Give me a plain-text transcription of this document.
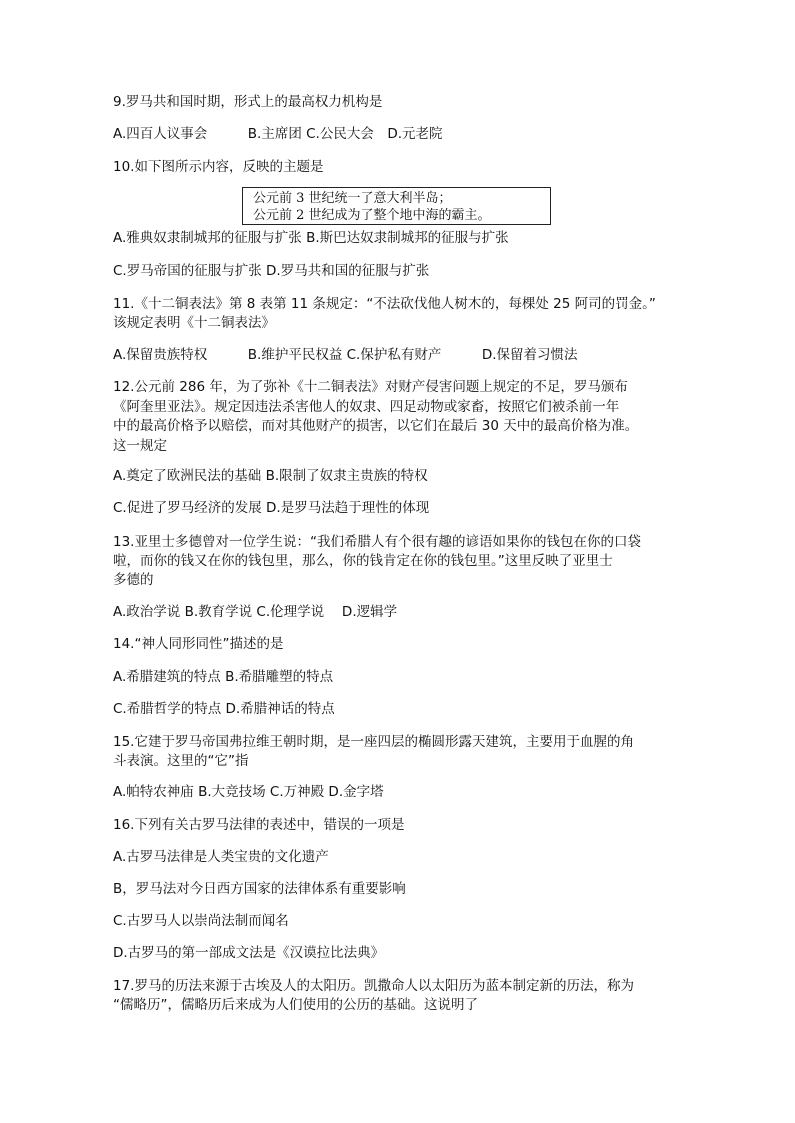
9.罗马共和国时期，形式上的最高权力机构是
A.四百人议事会　　　B.主席团 C.公民大会　D.元老院
10.如下图所示内容，反映的主题是
公元前 3 世纪统一了意大利半岛；
公元前 2 世纪成为了整个地中海的霸主。
A.雅典奴隶制城邦的征服与扩张 B.斯巴达奴隶制城邦的征服与扩张
C.罗马帝国的征服与扩张 D.罗马共和国的征服与扩张
11.《十二铜表法》第 8 表第 11 条规定：“不法砍伐他人树木的，每棵处 25 阿司的罚金。”
该规定表明《十二铜表法》
A.保留贵族特权　　　B.维护平民权益 C.保护私有财产　　　D.保留着习惯法
12.公元前 286 年，为了弥补《十二铜表法》对财产侵害问题上规定的不足，罗马颁布
《阿奎里亚法》。规定因违法杀害他人的奴隶、四足动物或家畜，按照它们被杀前一年
中的最高价格予以赔偿，而对其他财产的损害，以它们在最后 30 天中的最高价格为准。
这一规定
A.奠定了欧洲民法的基础 B.限制了奴隶主贵族的特权
C.促进了罗马经济的发展 D.是罗马法趋于理性的体现
13.亚里士多德曾对一位学生说：“我们希腊人有个很有趣的谚语如果你的钱包在你的口袋
啦，而你的钱又在你的钱包里，那么，你的钱肯定在你的钱包里。”这里反映了亚里士
多德的
A.政治学说 B.教育学说 C.伦理学说　 D.逻辑学
14.“神人同形同性”描述的是
A.希腊建筑的特点 B.希腊雕塑的特点
C.希腊哲学的特点 D.希腊神话的特点
15.它建于罗马帝国弗拉维王朝时期，是一座四层的椭圆形露天建筑，主要用于血腥的角
斗表演。这里的“它”指
A.帕特农神庙 B.大竞技场 C.万神殿 D.金字塔
16.下列有关古罗马法律的表述中，错误的一项是
A.古罗马法律是人类宝贵的文化遗产
B，罗马法对今日西方国家的法律体系有重要影响
C.古罗马人以崇尚法制而闻名
D.古罗马的第一部成文法是《汉谟拉比法典》
17.罗马的历法来源于古埃及人的太阳历。凯撒命人以太阳历为蓝本制定新的历法，称为
“儒略历”，儒略历后来成为人们使用的公历的基础。这说明了
